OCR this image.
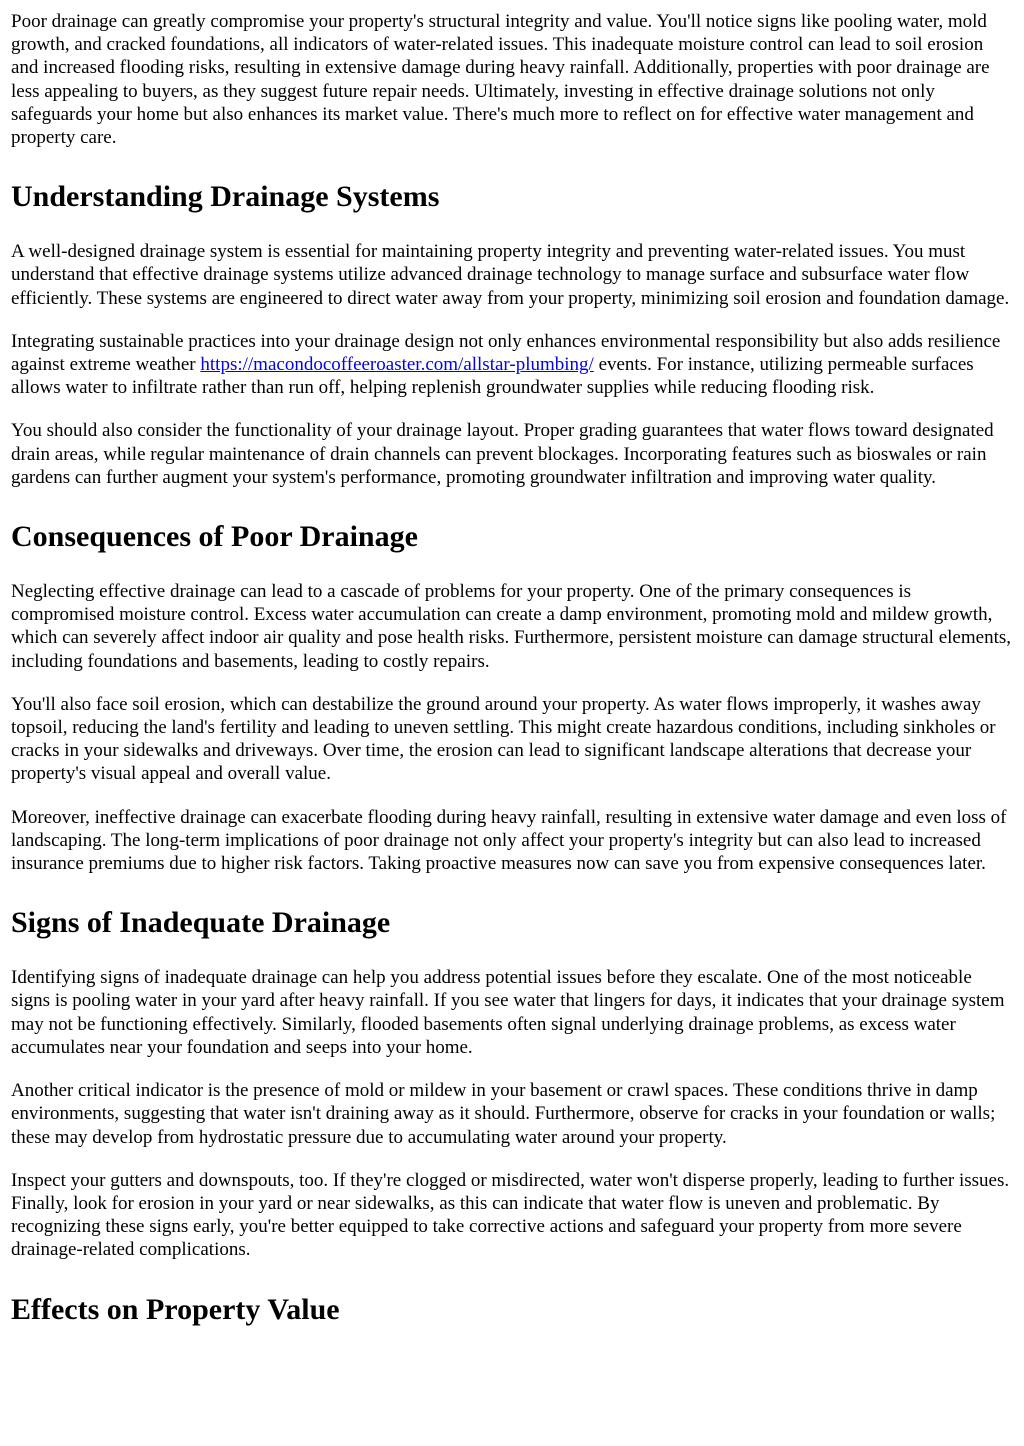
Poor drainage can greatly compromise your property's structural integrity and value. You'll notice signs like pooling water, mold growth, and cracked foundations, all indicators of water-related issues. This inadequate moisture control can lead to soil erosion and increased flooding risks, resulting in extensive damage during heavy rainfall. Additionally, properties with poor drainage are less appealing to buyers, as they suggest future repair needs. Ultimately, investing in effective drainage solutions not only safeguards your home but also enhances its market value. There's much more to reflect on for effective water management and property care.

Understanding Drainage Systems

A well-designed drainage system is essential for maintaining property integrity and preventing water-related issues. You must understand that effective drainage systems utilize advanced drainage technology to manage surface and subsurface water flow efficiently. These systems are engineered to direct water away from your property, minimizing soil erosion and foundation damage.

Integrating sustainable practices into your drainage design not only enhances environmental responsibility but also adds resilience against extreme weather https://macondocoffeeroaster.com/allstar-plumbing/ events. For instance, utilizing permeable surfaces allows water to infiltrate rather than run off, helping replenish groundwater supplies while reducing flooding risk.

You should also consider the functionality of your drainage layout. Proper grading guarantees that water flows toward designated drain areas, while regular maintenance of drain channels can prevent blockages. Incorporating features such as bioswales or rain gardens can further augment your system's performance, promoting groundwater infiltration and improving water quality.

Consequences of Poor Drainage

Neglecting effective drainage can lead to a cascade of problems for your property. One of the primary consequences is compromised moisture control. Excess water accumulation can create a damp environment, promoting mold and mildew growth, which can severely affect indoor air quality and pose health risks. Furthermore, persistent moisture can damage structural elements, including foundations and basements, leading to costly repairs.

You'll also face soil erosion, which can destabilize the ground around your property. As water flows improperly, it washes away topsoil, reducing the land's fertility and leading to uneven settling. This might create hazardous conditions, including sinkholes or cracks in your sidewalks and driveways. Over time, the erosion can lead to significant landscape alterations that decrease your property's visual appeal and overall value.

Moreover, ineffective drainage can exacerbate flooding during heavy rainfall, resulting in extensive water damage and even loss of landscaping. The long-term implications of poor drainage not only affect your property's integrity but can also lead to increased insurance premiums due to higher risk factors. Taking proactive measures now can save you from expensive consequences later.

Signs of Inadequate Drainage

Identifying signs of inadequate drainage can help you address potential issues before they escalate. One of the most noticeable signs is pooling water in your yard after heavy rainfall. If you see water that lingers for days, it indicates that your drainage system may not be functioning effectively. Similarly, flooded basements often signal underlying drainage problems, as excess water accumulates near your foundation and seeps into your home.

Another critical indicator is the presence of mold or mildew in your basement or crawl spaces. These conditions thrive in damp environments, suggesting that water isn't draining away as it should. Furthermore, observe for cracks in your foundation or walls; these may develop from hydrostatic pressure due to accumulating water around your property.

Inspect your gutters and downspouts, too. If they're clogged or misdirected, water won't disperse properly, leading to further issues. Finally, look for erosion in your yard or near sidewalks, as this can indicate that water flow is uneven and problematic. By recognizing these signs early, you're better equipped to take corrective actions and safeguard your property from more severe drainage-related complications.

Effects on Property Value
